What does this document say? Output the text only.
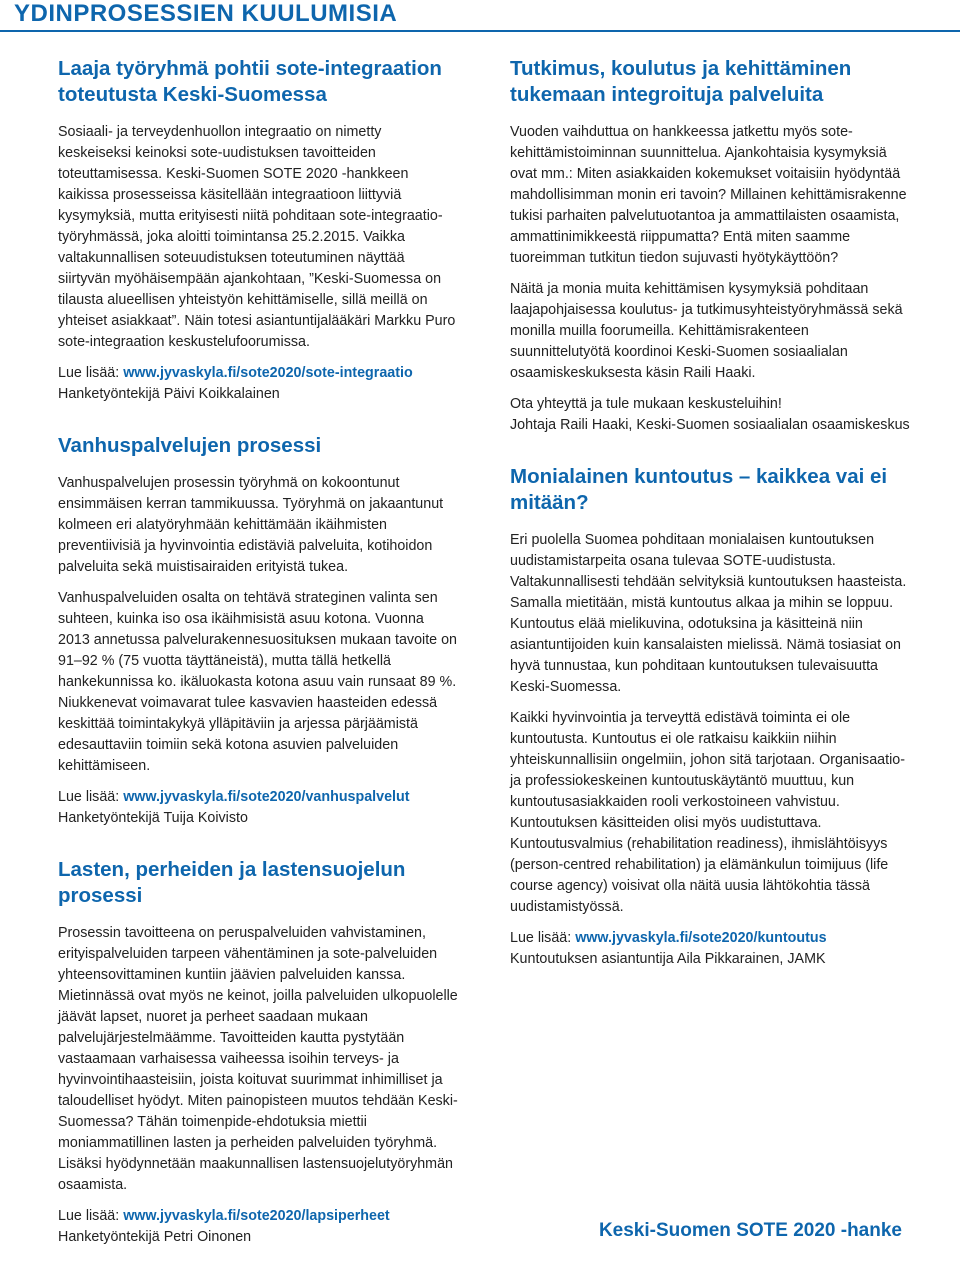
YDINPROSESSIEN KUULUMISIA
Laaja työryhmä pohtii sote-integraation toteutusta Keski-Suomessa

Sosiaali- ja terveydenhuollon integraatio on nimetty keskeiseksi keinoksi sote-uudistuksen tavoitteiden toteuttamisessa. Keski-Suomen SOTE 2020 -hankkeen kaikissa prosesseissa käsitellään integraatioon liittyviä kysymyksiä, mutta erityisesti niitä pohditaan sote-integraatio-työryhmässä, joka aloitti toimintansa 25.2.2015. Vaikka valtakunnallisen soteuudistuksen toteutuminen näyttää siirtyvän myöhäisempään ajankohtaan, ”Keski-Suomessa on tilausta alueellisen yhteistyön kehittämiselle, sillä meillä on yhteiset asiakkaat”. Näin totesi asiantuntijalääkäri Markku Puro sote-integraation keskustelufoorumissa.

Lue lisää: www.jyvaskyla.fi/sote2020/sote-integraatio
Hanketyöntekijä Päivi Koikkalainen
Vanhuspalvelujen prosessi

Vanhuspalvelujen prosessin työryhmä on kokoontunut ensimmäisen kerran tammikuussa. Työryhmä on jakaantunut kolmeen eri alatyöryhmään kehittämään ikäihmisten preventiivisiä ja hyvinvointia edistäviä palveluita, kotihoidon palveluita sekä muistisairaiden erityistä tukea.

Vanhuspalveluiden osalta on tehtävä strateginen valinta sen suhteen, kuinka iso osa ikäihmisistä asuu kotona. Vuonna 2013 annetussa palvelurakennesuosituksen mukaan tavoite on 91–92 % (75 vuotta täyttäneistä), mutta tällä hetkellä hankekunnissa ko. ikäluokasta kotona asuu vain runsaat 89 %. Niukkenevat voimavarat tulee kasvavien haasteiden edessä keskittää toimintakykyä ylläpitäviin ja arjessa pärjäämistä edesauttaviin toimiin sekä kotona asuvien palveluiden kehittämiseen.

Lue lisää: www.jyvaskyla.fi/sote2020/vanhuspalvelut
Hanketyöntekijä Tuija Koivisto
Lasten, perheiden ja lastensuojelun prosessi

Prosessin tavoitteena on peruspalveluiden vahvistaminen, erityispalveluiden tarpeen vähentäminen ja sote-palveluiden yhteensovittaminen kuntiin jäävien palveluiden kanssa. Mietinnässä ovat myös ne keinot, joilla palveluiden ulkopuolelle jäävät lapset, nuoret ja perheet saadaan mukaan palvelujärjestelmäämme. Tavoitteiden kautta pystytään vastaamaan varhaisessa vaiheessa isoihin terveys- ja hyvinvointihaasteisiin, joista koituvat suurimmat inhimilliset ja taloudelliset hyödyt. Miten painopisteen muutos tehdään Keski-Suomessa? Tähän toimenpide-ehdotuksia miettii moniammatillinen lasten ja perheiden palveluiden työryhmä. Lisäksi hyödynnetään maakunnallisen lastensuojelutyöryhmän osaamista.

Lue lisää: www.jyvaskyla.fi/sote2020/lapsiperheet
Hanketyöntekijä Petri Oinonen
Tutkimus, koulutus ja kehittäminen tukemaan integroituja palveluita

Vuoden vaihduttua on hankkeessa jatkettu myös sote-kehittämistoiminnan suunnittelua. Ajankohtaisia kysymyksiä ovat mm.: Miten asiakkaiden kokemukset voitaisiin hyödyntää mahdollisimman monin eri tavoin? Millainen kehittämisrakenne tukisi parhaiten palvelutuotantoa ja ammattilaisten osaamista, ammattinimikkeestä riippumatta? Entä miten saamme tuoreimman tutkitun tiedon sujuvasti hyötykäyttöön?

Näitä ja monia muita kehittämisen kysymyksiä pohditaan laajapohjaisessa koulutus- ja tutkimusyhteistyöryhmässä sekä monilla muilla foorumeilla. Kehittämisrakenteen suunnittelutyötä koordinoi Keski-Suomen sosiaalialan osaamiskeskuksesta käsin Raili Haaki.

Ota yhteyttä ja tule mukaan keskusteluihin!
Johtaja Raili Haaki, Keski-Suomen sosiaalialan osaamiskeskus
Monialainen kuntoutus – kaikkea vai ei mitään?

Eri puolella Suomea pohditaan monialaisen kuntoutuksen uudistamistarpeita osana tulevaa SOTE-uudistusta. Valtakunnallisesti tehdään selvityksiä kuntoutuksen haasteista. Samalla mietitään, mistä kuntoutus alkaa ja mihin se loppuu. Kuntoutus elää mielikuvina, odotuksina ja käsitteinä niin asiantuntijoiden kuin kansalaisten mielissä. Nämä tosiasiat on hyvä tunnustaa, kun pohditaan kuntoutuksen tulevaisuutta Keski-Suomessa.

Kaikki hyvinvointia ja terveyttä edistävä toiminta ei ole kuntoutusta. Kuntoutus ei ole ratkaisu kaikkiin niihin yhteiskunnallisiin ongelmiin, johon sitä tarjotaan. Organisaatio- ja professiokeskeinen kuntoutuskäytäntö muuttuu, kun kuntoutusasiakkaiden rooli verkostoineen vahvistuu. Kuntoutuksen käsitteiden olisi myös uudistuttava. Kuntoutusvalmius (rehabilitation readiness), ihmislähtöisyys (person-centred rehabilitation) ja elämänkulun toimijuus (life course agency) voisivat olla näitä uusia lähtökohtia tässä uudistamistyössä.

Lue lisää: www.jyvaskyla.fi/sote2020/kuntoutus
Kuntoutuksen asiantuntija Aila Pikkarainen, JAMK
Keski-Suomen SOTE 2020 -hanke
